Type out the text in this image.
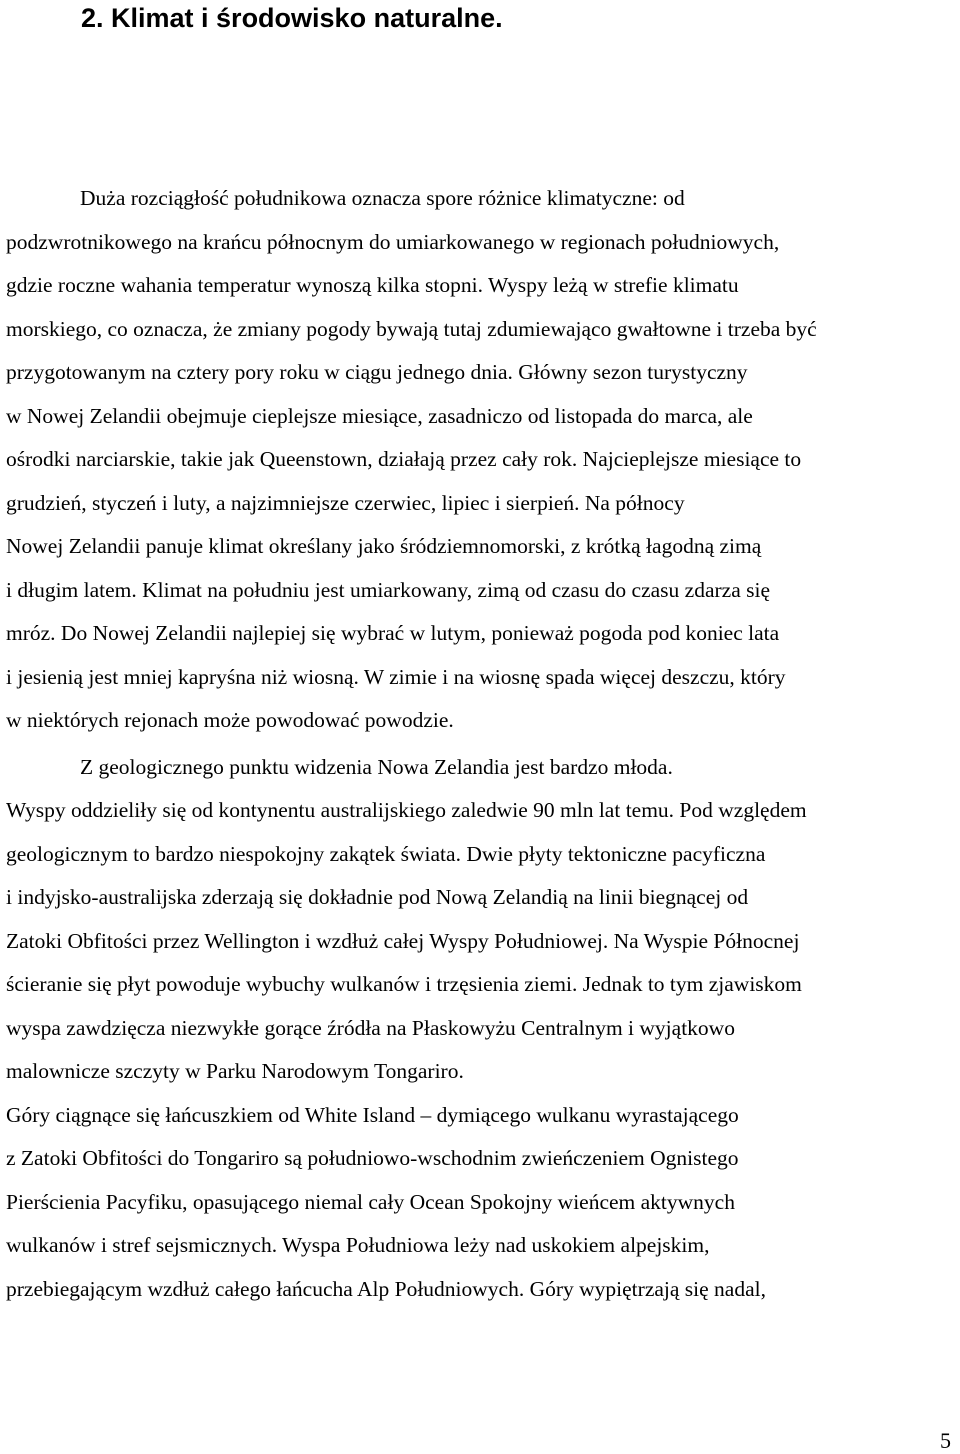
2. Klimat i środowisko naturalne.

Duża rozciągłość południkowa oznacza spore różnice klimatyczne: od

podzwrotnikowego na krańcu północnym do umiarkowanego w regionach południowych,

gdzie roczne wahania temperatur wynoszą kilka stopni. Wyspy leżą w strefie klimatu

morskiego, co oznacza, że zmiany pogody bywają tutaj zdumiewająco gwałtowne i trzeba być

przygotowanym na cztery pory roku w ciągu jednego dnia. Główny sezon turystyczny

w Nowej Zelandii obejmuje cieplejsze miesiące, zasadniczo od listopada do marca, ale

ośrodki narciarskie, takie jak Queenstown, działają przez cały rok. Najcieplejsze miesiące to

grudzień, styczeń i luty, a najzimniejsze czerwiec, lipiec i sierpień. Na północy

Nowej Zelandii panuje klimat określany jako śródziemnomorski, z krótką łagodną zimą

i długim latem. Klimat na południu jest umiarkowany, zimą od czasu do czasu zdarza się

mróz. Do Nowej Zelandii najlepiej się wybrać w lutym, ponieważ pogoda pod koniec lata

i jesienią jest mniej kapryśna niż wiosną. W zimie i na wiosnę spada więcej deszczu, który

w niektórych rejonach może powodować powodzie.

Z geologicznego punktu widzenia Nowa Zelandia jest bardzo młoda.

Wyspy oddzieliły się od kontynentu australijskiego zaledwie 90 mln lat temu. Pod względem

geologicznym to bardzo niespokojny zakątek świata. Dwie płyty tektoniczne pacyficzna

i indyjsko-australijska zderzają się dokładnie pod Nową Zelandią na linii biegnącej od

Zatoki Obfitości przez Wellington i wzdłuż całej Wyspy Południowej. Na Wyspie Północnej

ścieranie się płyt powoduje wybuchy wulkanów i trzęsienia ziemi. Jednak to tym zjawiskom

wyspa zawdzięcza niezwykłe gorące źródła na Płaskowyżu Centralnym i wyjątkowo

malownicze szczyty w Parku Narodowym Tongariro.

Góry ciągnące się łańcuszkiem od White Island – dymiącego wulkanu wyrastającego

z Zatoki Obfitości do Tongariro są południowo-wschodnim zwieńczeniem Ognistego

Pierścienia Pacyfiku, opasującego niemal cały Ocean Spokojny wieńcem aktywnych

wulkanów i stref sejsmicznych. Wyspa Południowa leży nad uskokiem alpejskim,

przebiegającym wzdłuż całego łańcucha Alp Południowych. Góry wypiętrzają się nadal,

5
